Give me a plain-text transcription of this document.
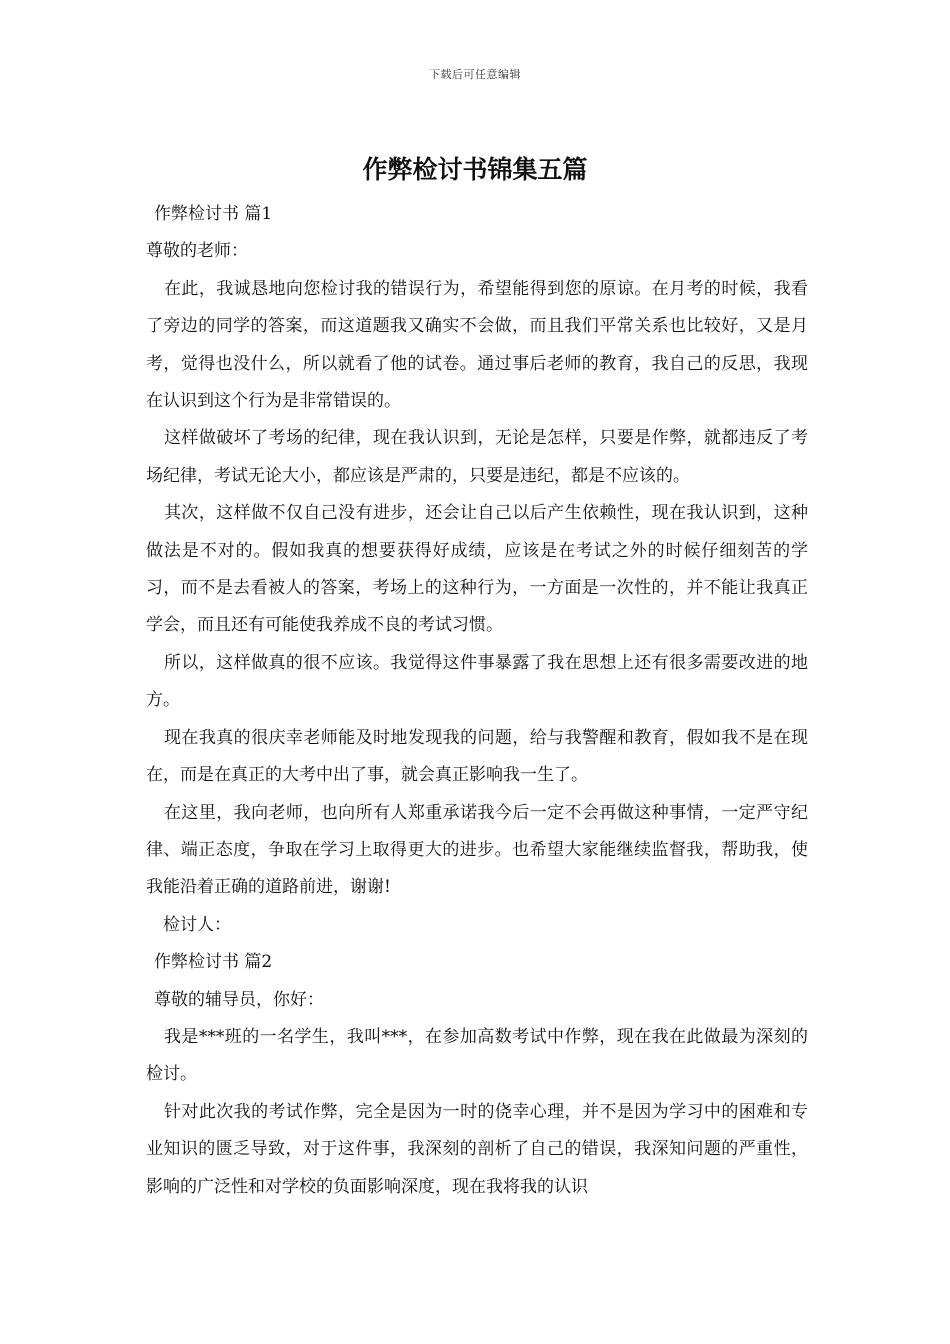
下载后可任意编辑
作弊检讨书锦集五篇

作弊检讨书 篇1

尊敬的老师：

在此，我诚恳地向您检讨我的错误行为，希望能得到您的原谅。在月考的时候，我看了旁边的同学的答案，而这道题我又确实不会做，而且我们平常关系也比较好，又是月考，觉得也没什么，所以就看了他的试卷。通过事后老师的教育，我自己的反思，我现在认识到这个行为是非常错误的。

这样做破坏了考场的纪律，现在我认识到，无论是怎样，只要是作弊，就都违反了考场纪律，考试无论大小，都应该是严肃的，只要是违纪，都是不应该的。

其次，这样做不仅自己没有进步，还会让自己以后产生依赖性，现在我认识到，这种做法是不对的。假如我真的想要获得好成绩，应该是在考试之外的时候仔细刻苦的学习，而不是去看被人的答案，考场上的这种行为，一方面是一次性的，并不能让我真正学会，而且还有可能使我养成不良的考试习惯。

所以，这样做真的很不应该。我觉得这件事暴露了我在思想上还有很多需要改进的地方。

现在我真的很庆幸老师能及时地发现我的问题，给与我警醒和教育，假如我不是在现在，而是在真正的大考中出了事，就会真正影响我一生了。

在这里，我向老师，也向所有人郑重承诺我今后一定不会再做这种事情，一定严守纪律、端正态度，争取在学习上取得更大的进步。也希望大家能继续监督我，帮助我，使我能沿着正确的道路前进，谢谢!

检讨人：

作弊检讨书 篇2

尊敬的辅导员，你好：

我是***班的一名学生，我叫***，在参加高数考试中作弊，现在我在此做最为深刻的检讨。

针对此次我的考试作弊，完全是因为一时的侥幸心理，并不是因为学习中的困难和专业知识的匮乏导致，对于这件事，我深刻的剖析了自己的错误，我深知问题的严重性，影响的广泛性和对学校的负面影响深度，现在我将我的认识
